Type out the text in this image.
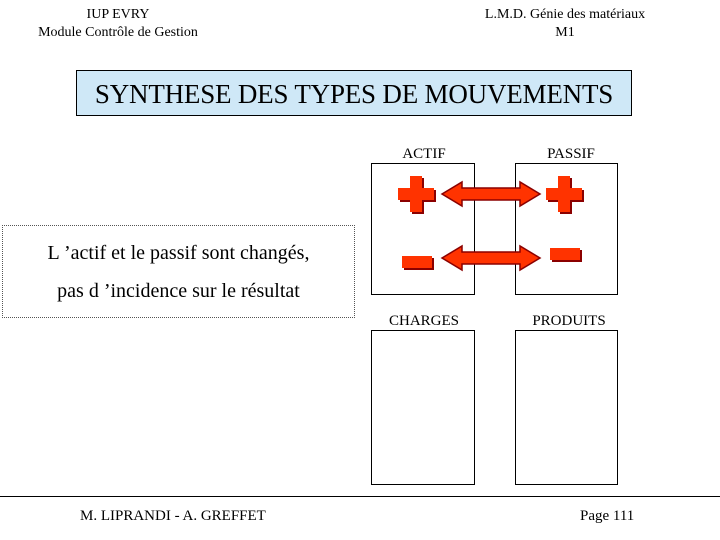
IUP EVRY
Module Contrôle de Gestion
L.M.D. Génie des matériaux
M1
SYNTHESE DES TYPES DE MOUVEMENTS
ACTIF	PASSIF
L ’actif et le passif sont changés,
pas d ’incidence sur le résultat
CHARGES	PRODUITS
M. LIPRANDI - A. GREFFET	Page 111
